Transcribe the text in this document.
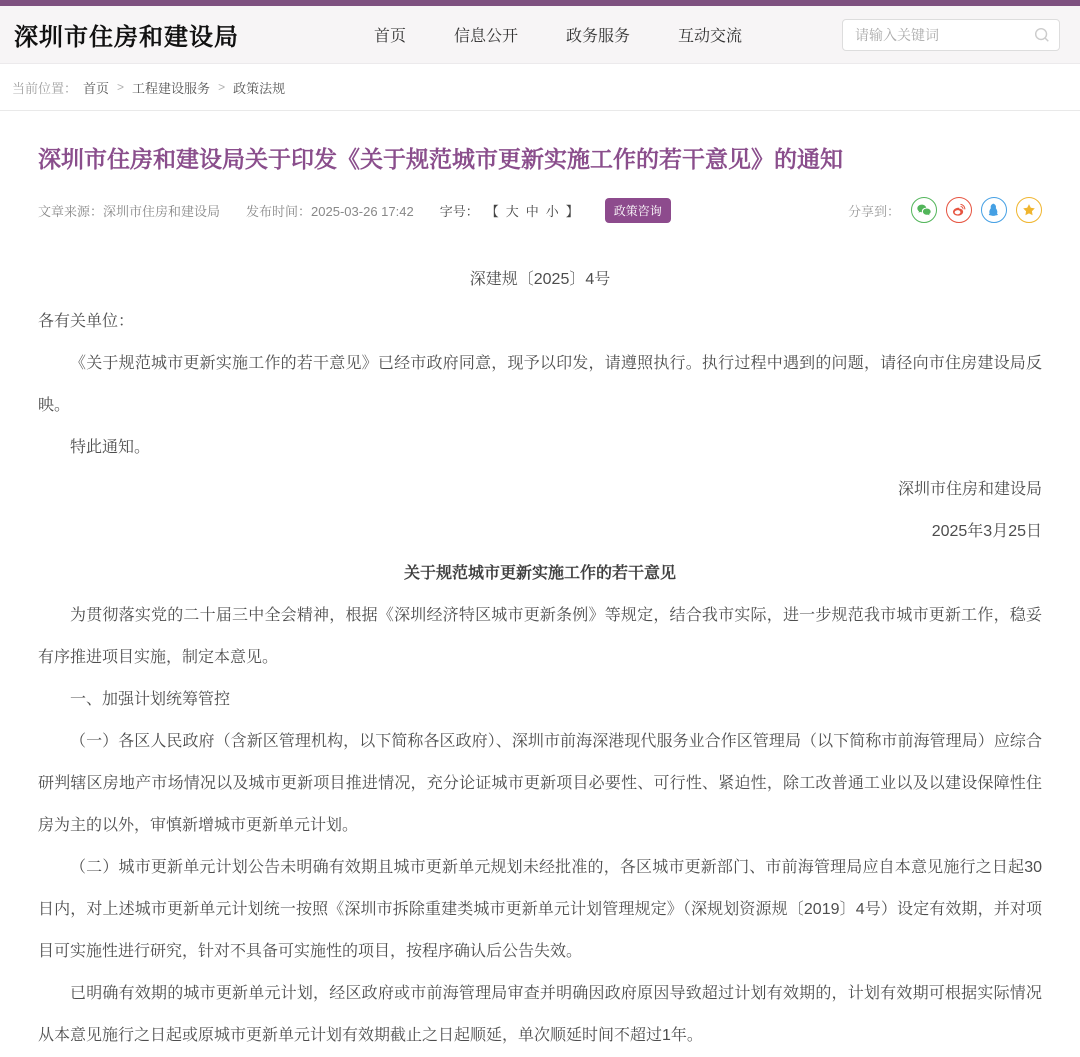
深圳市住房和建设局	首页	信息公开	政务服务	互动交流
请输入关键词
当前位置： 首页 > 工程建设服务 > 政策法规
深圳市住房和建设局关于印发《关于规范城市更新实施工作的若干意见》的通知
文章来源：深圳市住房和建设局 发布时间：2025-03-26 17:42 字号： 【 大 中 小 】	政策咨询	分享到：

深建规〔2025〕4号

各有关单位：

《关于规范城市更新实施工作的若干意见》已经市政府同意，现予以印发，请遵照执行。执行过程中遇到的问题，请径向市住房建设局反映。

特此通知。

深圳市住房和建设局

2025年3月25日

关于规范城市更新实施工作的若干意见

为贯彻落实党的二十届三中全会精神，根据《深圳经济特区城市更新条例》等规定，结合我市实际，进一步规范我市城市更新工作，稳妥有序推进项目实施，制定本意见。

一、加强计划统筹管控

（一）各区人民政府（含新区管理机构，以下简称各区政府）、深圳市前海深港现代服务业合作区管理局（以下简称市前海管理局）应综合研判辖区房地产市场情况以及城市更新项目推进情况，充分论证城市更新项目必要性、可行性、紧迫性，除工改普通工业以及以建设保障性住房为主的以外，审慎新增城市更新单元计划。

（二）城市更新单元计划公告未明确有效期且城市更新单元规划未经批准的，各区城市更新部门、市前海管理局应自本意见施行之日起30日内，对上述城市更新单元计划统一按照《深圳市拆除重建类城市更新单元计划管理规定》（深规划资源规〔2019〕4号）设定有效期，并对项目可实施性进行研究，针对不具备可实施性的项目，按程序确认后公告失效。

已明确有效期的城市更新单元计划，经区政府或市前海管理局审查并明确因政府原因导致超过计划有效期的，计划有效期可根据实际情况从本意见施行之日起或原城市更新单元计划有效期截止之日起顺延，单次顺延时间不超过1年。
